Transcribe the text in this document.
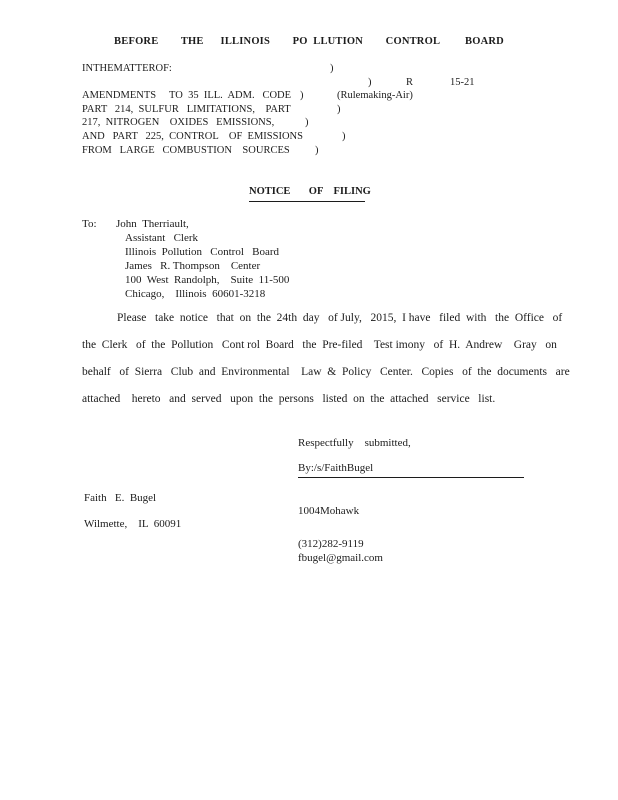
BEFORE        THE      ILLINOIS        PO  LLUTION        CONTROL         BOARD
INTHEMATTEROF:	)
)	R	15-21
AMENDMENTS     TO  35  ILL.  ADM.   CODE )	(Rulemaking-Air)
PART   214,  SULFUR   LIMITATIONS,    PART	)
217,  NITROGEN    OXIDES   EMISSIONS,	)
AND   PART   225,  CONTROL    OF  EMISSIONS	)
FROM   LARGE   COMBUSTION    SOURCES )
NOTICE       OF    FILING
To: John  Therriault,
Assistant   Clerk
Illinois  Pollution   Control   Board
James   R. Thompson    Center
100  West  Randolph,    Suite  11-500
Chicago,    Illinois  60601-3218
Please   take  notice   that  on  the  24th  day   of July,   2015,  I have   filed  with   the  Office   of
the  Clerk   of  the  Pollution   Cont rol  Board   the  Pre-filed    Test imony   of  H.  Andrew    Gray   on
behalf   of  Sierra   Club  and  Environmental    Law  &  Policy   Center.   Copies   of  the  documents   are
attached    hereto   and  served   upon  the  persons   listed  on  the  attached   service   list.
Respectfully    submitted,
By:/s/FaithBugel
Faith   E.  Bugel
1004Mohawk
Wilmette,    IL  60091
(312)282-9119
fbugel@gmail.com
